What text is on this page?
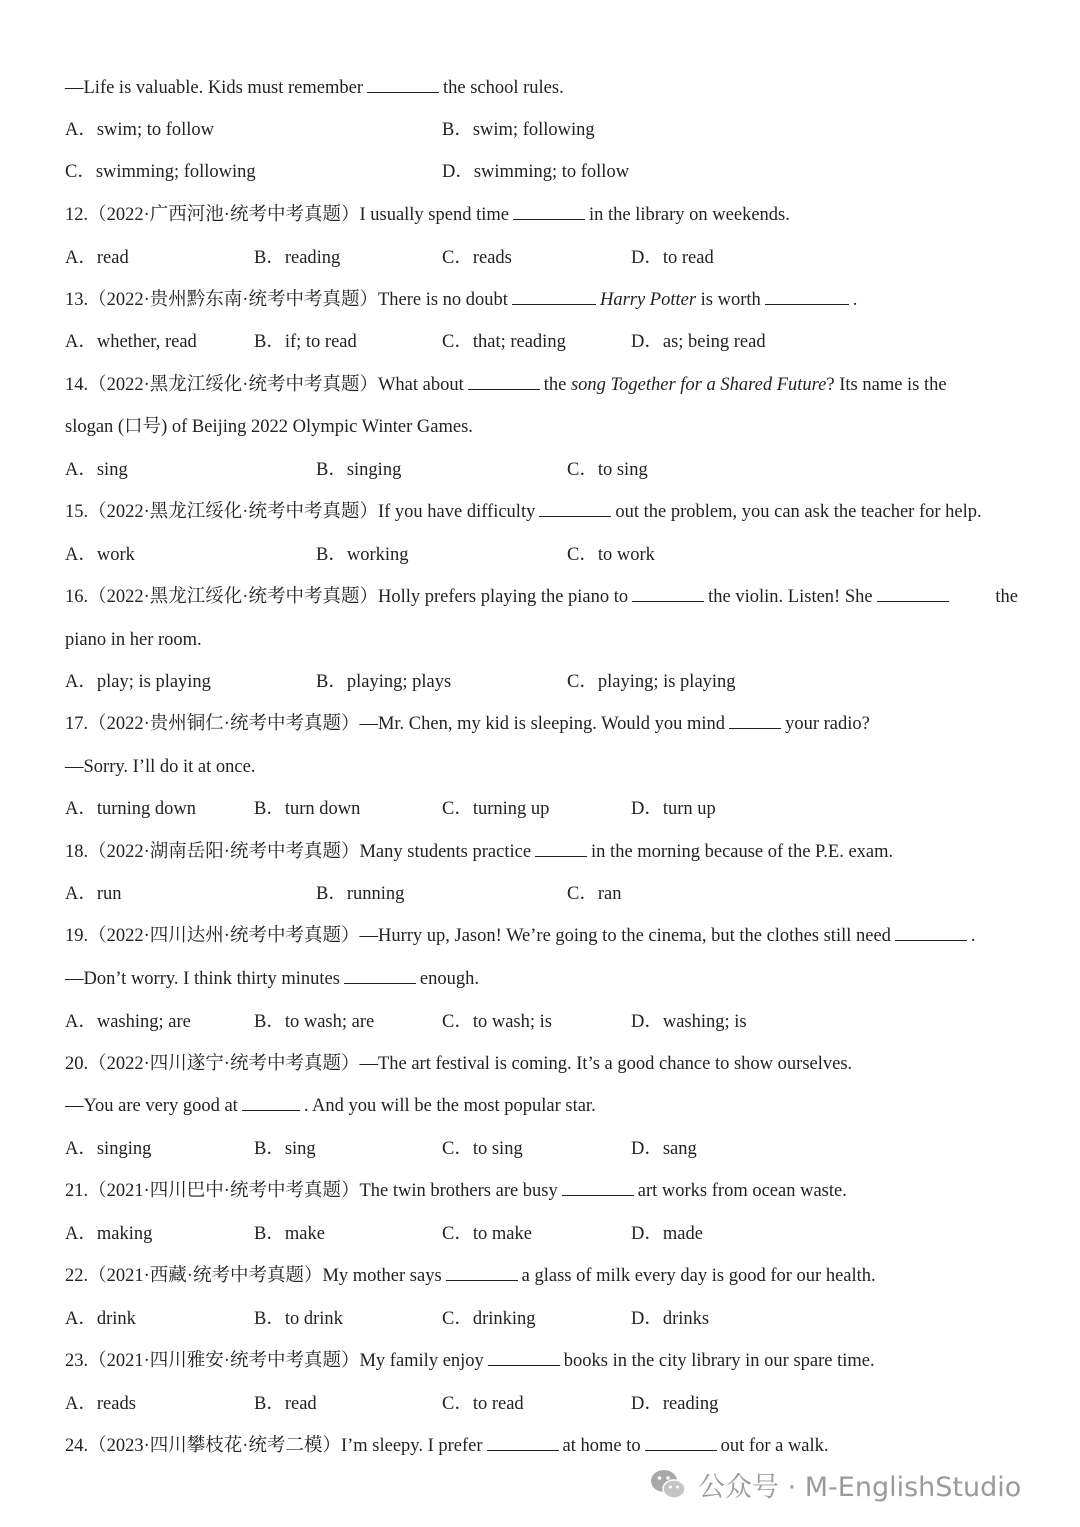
—Life is valuable. Kids must remember	the school rules.
A．swim; to follow	B．swim; following
C．swimming; following	D．swimming; to follow
12.（2022·广西河池·统考中考真题）I usually spend time	in the library on weekends.
A．read	B．reading	C．reads	D．to read
13.（2022·贵州黔东南·统考中考真题）There is no doubt	Harry Potter is worth	.
A．whether, read	B．if; to read	C．that; reading	D．as; being read
14.（2022·黑龙江绥化·统考中考真题）What about	the song Together for a Shared Future? Its name is the
slogan (口号) of Beijing 2022 Olympic Winter Games.
A．sing	B．singing	C．to sing
15.（2022·黑龙江绥化·统考中考真题）If you have difficulty	out the problem, you can ask the teacher for help.
A．work	B．working	C．to work
16.（2022·黑龙江绥化·统考中考真题）Holly prefers playing the piano to	the violin. Listen! She	the
piano in her room.
A．play; is playing	B．playing; plays	C．playing; is playing
17.（2022·贵州铜仁·统考中考真题）—Mr. Chen, my kid is sleeping. Would you mind	your radio?
—Sorry. I’ll do it at once.
A．turning down	B．turn down	C．turning up	D．turn up
18.（2022·湖南岳阳·统考中考真题）Many students practice	in the morning because of the P.E. exam.
A．run	B．running	C．ran
19.（2022·四川达州·统考中考真题）—Hurry up, Jason! We’re going to the cinema, but the clothes still need	.
—Don’t worry. I think thirty minutes	enough.
A．washing; are	B．to wash; are	C．to wash; is	D．washing; is
20.（2022·四川遂宁·统考中考真题）—The art festival is coming. It’s a good chance to show ourselves.
—You are very good at	. And you will be the most popular star.
A．singing	B．sing	C．to sing	D．sang
21.（2021·四川巴中·统考中考真题）The twin brothers are busy	art works from ocean waste.
A．making	B．make	C．to make	D．made
22.（2021·西藏·统考中考真题）My mother says	a glass of milk every day is good for our health.
A．drink	B．to drink	C．drinking	D．drinks
23.（2021·四川雅安·统考中考真题）My family enjoy	books in the city library in our spare time.
A．reads	B．read	C．to read	D．reading
24.（2023·四川攀枝花·统考二模）I’m sleepy. I prefer	at home to	out for a walk.
公众号 · M-EnglishStudio
